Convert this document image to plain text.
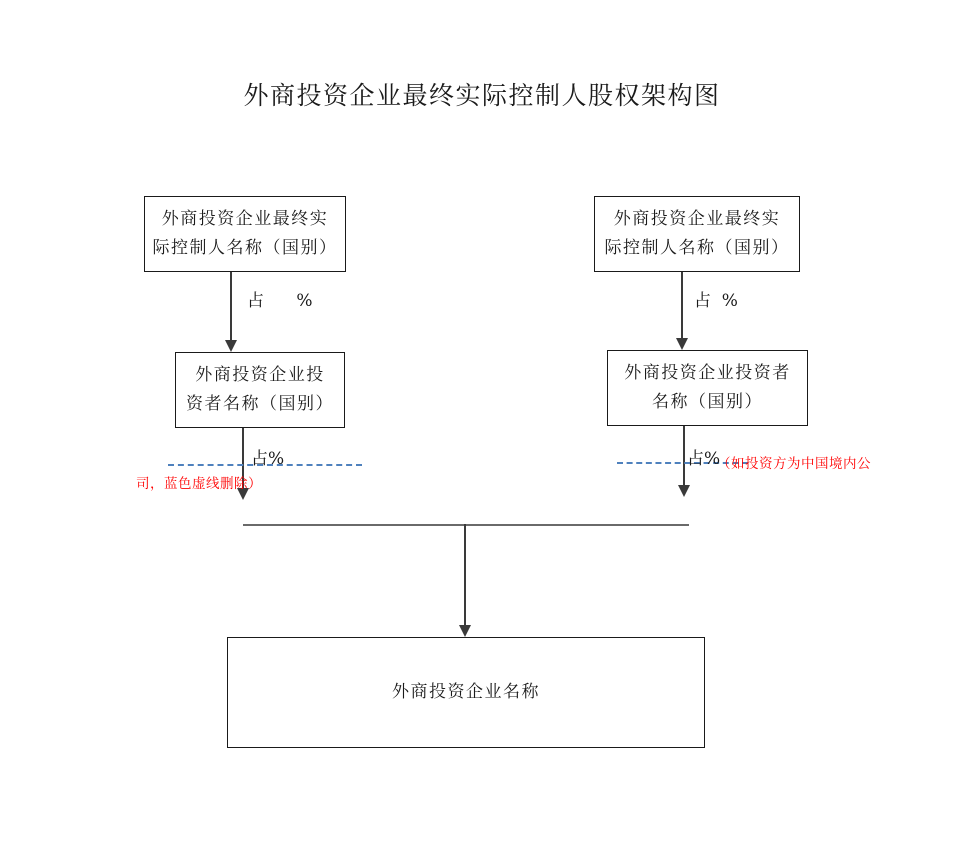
外商投资企业最终实际控制人股权架构图
外商投资企业最终实
际控制人名称（国别）
外商投资企业最终实
际控制人名称（国别）
占      %	占  %
外商投资企业投
资者名称（国别）
外商投资企业投资者
名称（国别）
占%	占%
（如投资方为中国境内公
司，蓝色虚线删除）
外商投资企业名称
